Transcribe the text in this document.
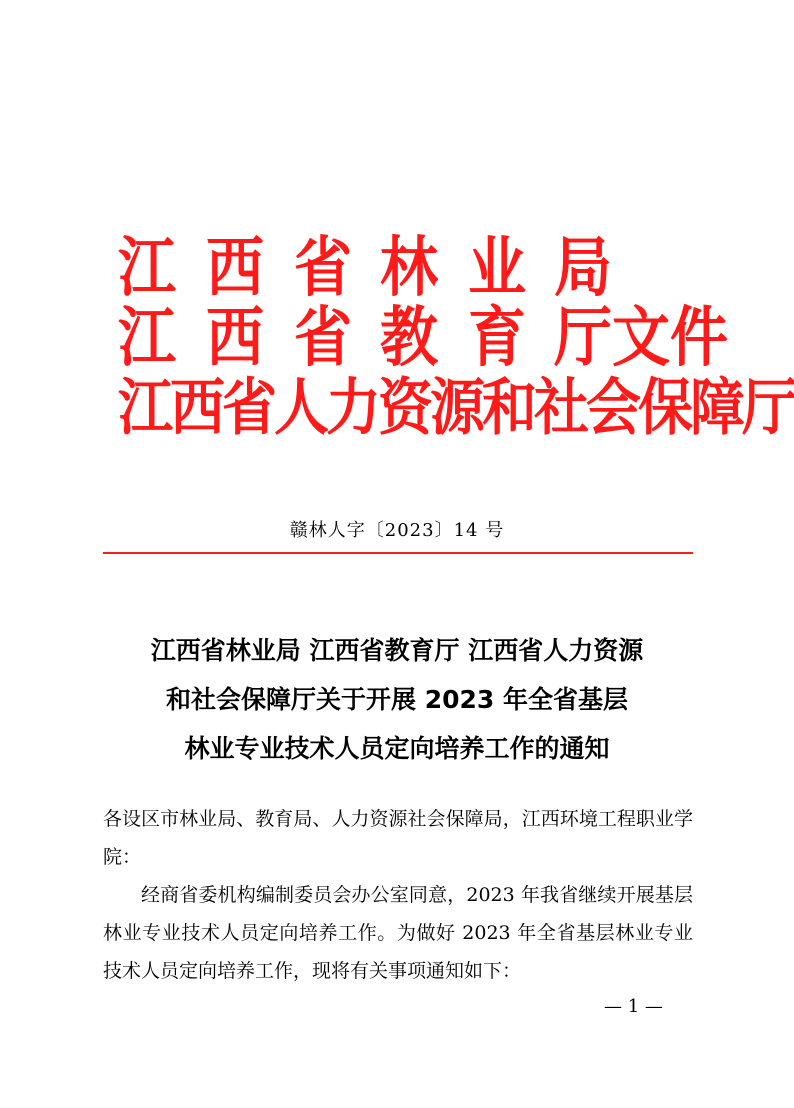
江 西 省 林 业 局
江 西 省 教 育 厅文件
江西省人力资源和社会保障厅
赣林人字〔2023〕14 号
江西省林业局 江西省教育厅 江西省人力资源
和社会保障厅关于开展 2023 年全省基层
林业专业技术人员定向培养工作的通知

各设区市林业局、教育局、人力资源社会保障局，江西环境工程职业学院：

经商省委机构编制委员会办公室同意，2023 年我省继续开展基层林业专业技术人员定向培养工作。为做好 2023 年全省基层林业专业技术人员定向培养工作，现将有关事项通知如下：

— 1 —
